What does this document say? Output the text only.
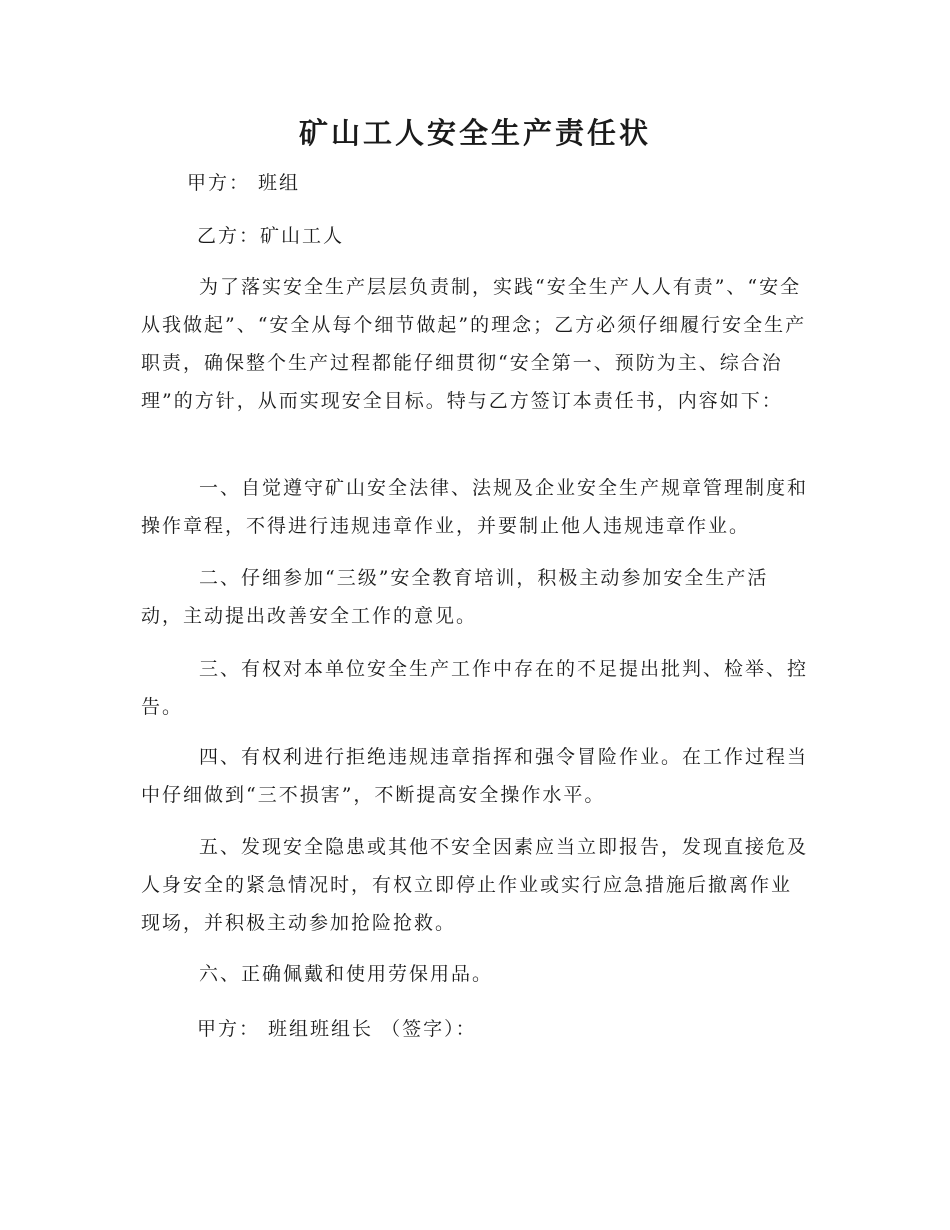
矿山工人安全生产责任状

甲方： 班组

乙方：矿山工人

为了落实安全生产层层负责制，实践“安全生产人人有责”、“安全从我做起”、“安全从每个细节做起”的理念；乙方必须仔细履行安全生产职责，确保整个生产过程都能仔细贯彻“安全第一、预防为主、综合治理”的方针，从而实现安全目标。特与乙方签订本责任书，内容如下：

一、自觉遵守矿山安全法律、法规及企业安全生产规章管理制度和操作章程，不得进行违规违章作业，并要制止他人违规违章作业。

二、仔细参加“三级”安全教育培训，积极主动参加安全生产活动，主动提出改善安全工作的意见。

三、有权对本单位安全生产工作中存在的不足提出批判、检举、控告。

四、有权利进行拒绝违规违章指挥和强令冒险作业。在工作过程当中仔细做到“三不损害”，不断提高安全操作水平。

五、发现安全隐患或其他不安全因素应当立即报告，发现直接危及人身安全的紧急情况时，有权立即停止作业或实行应急措施后撤离作业现场，并积极主动参加抢险抢救。

六、正确佩戴和使用劳保用品。

甲方： 班组班组长 （签字）：
